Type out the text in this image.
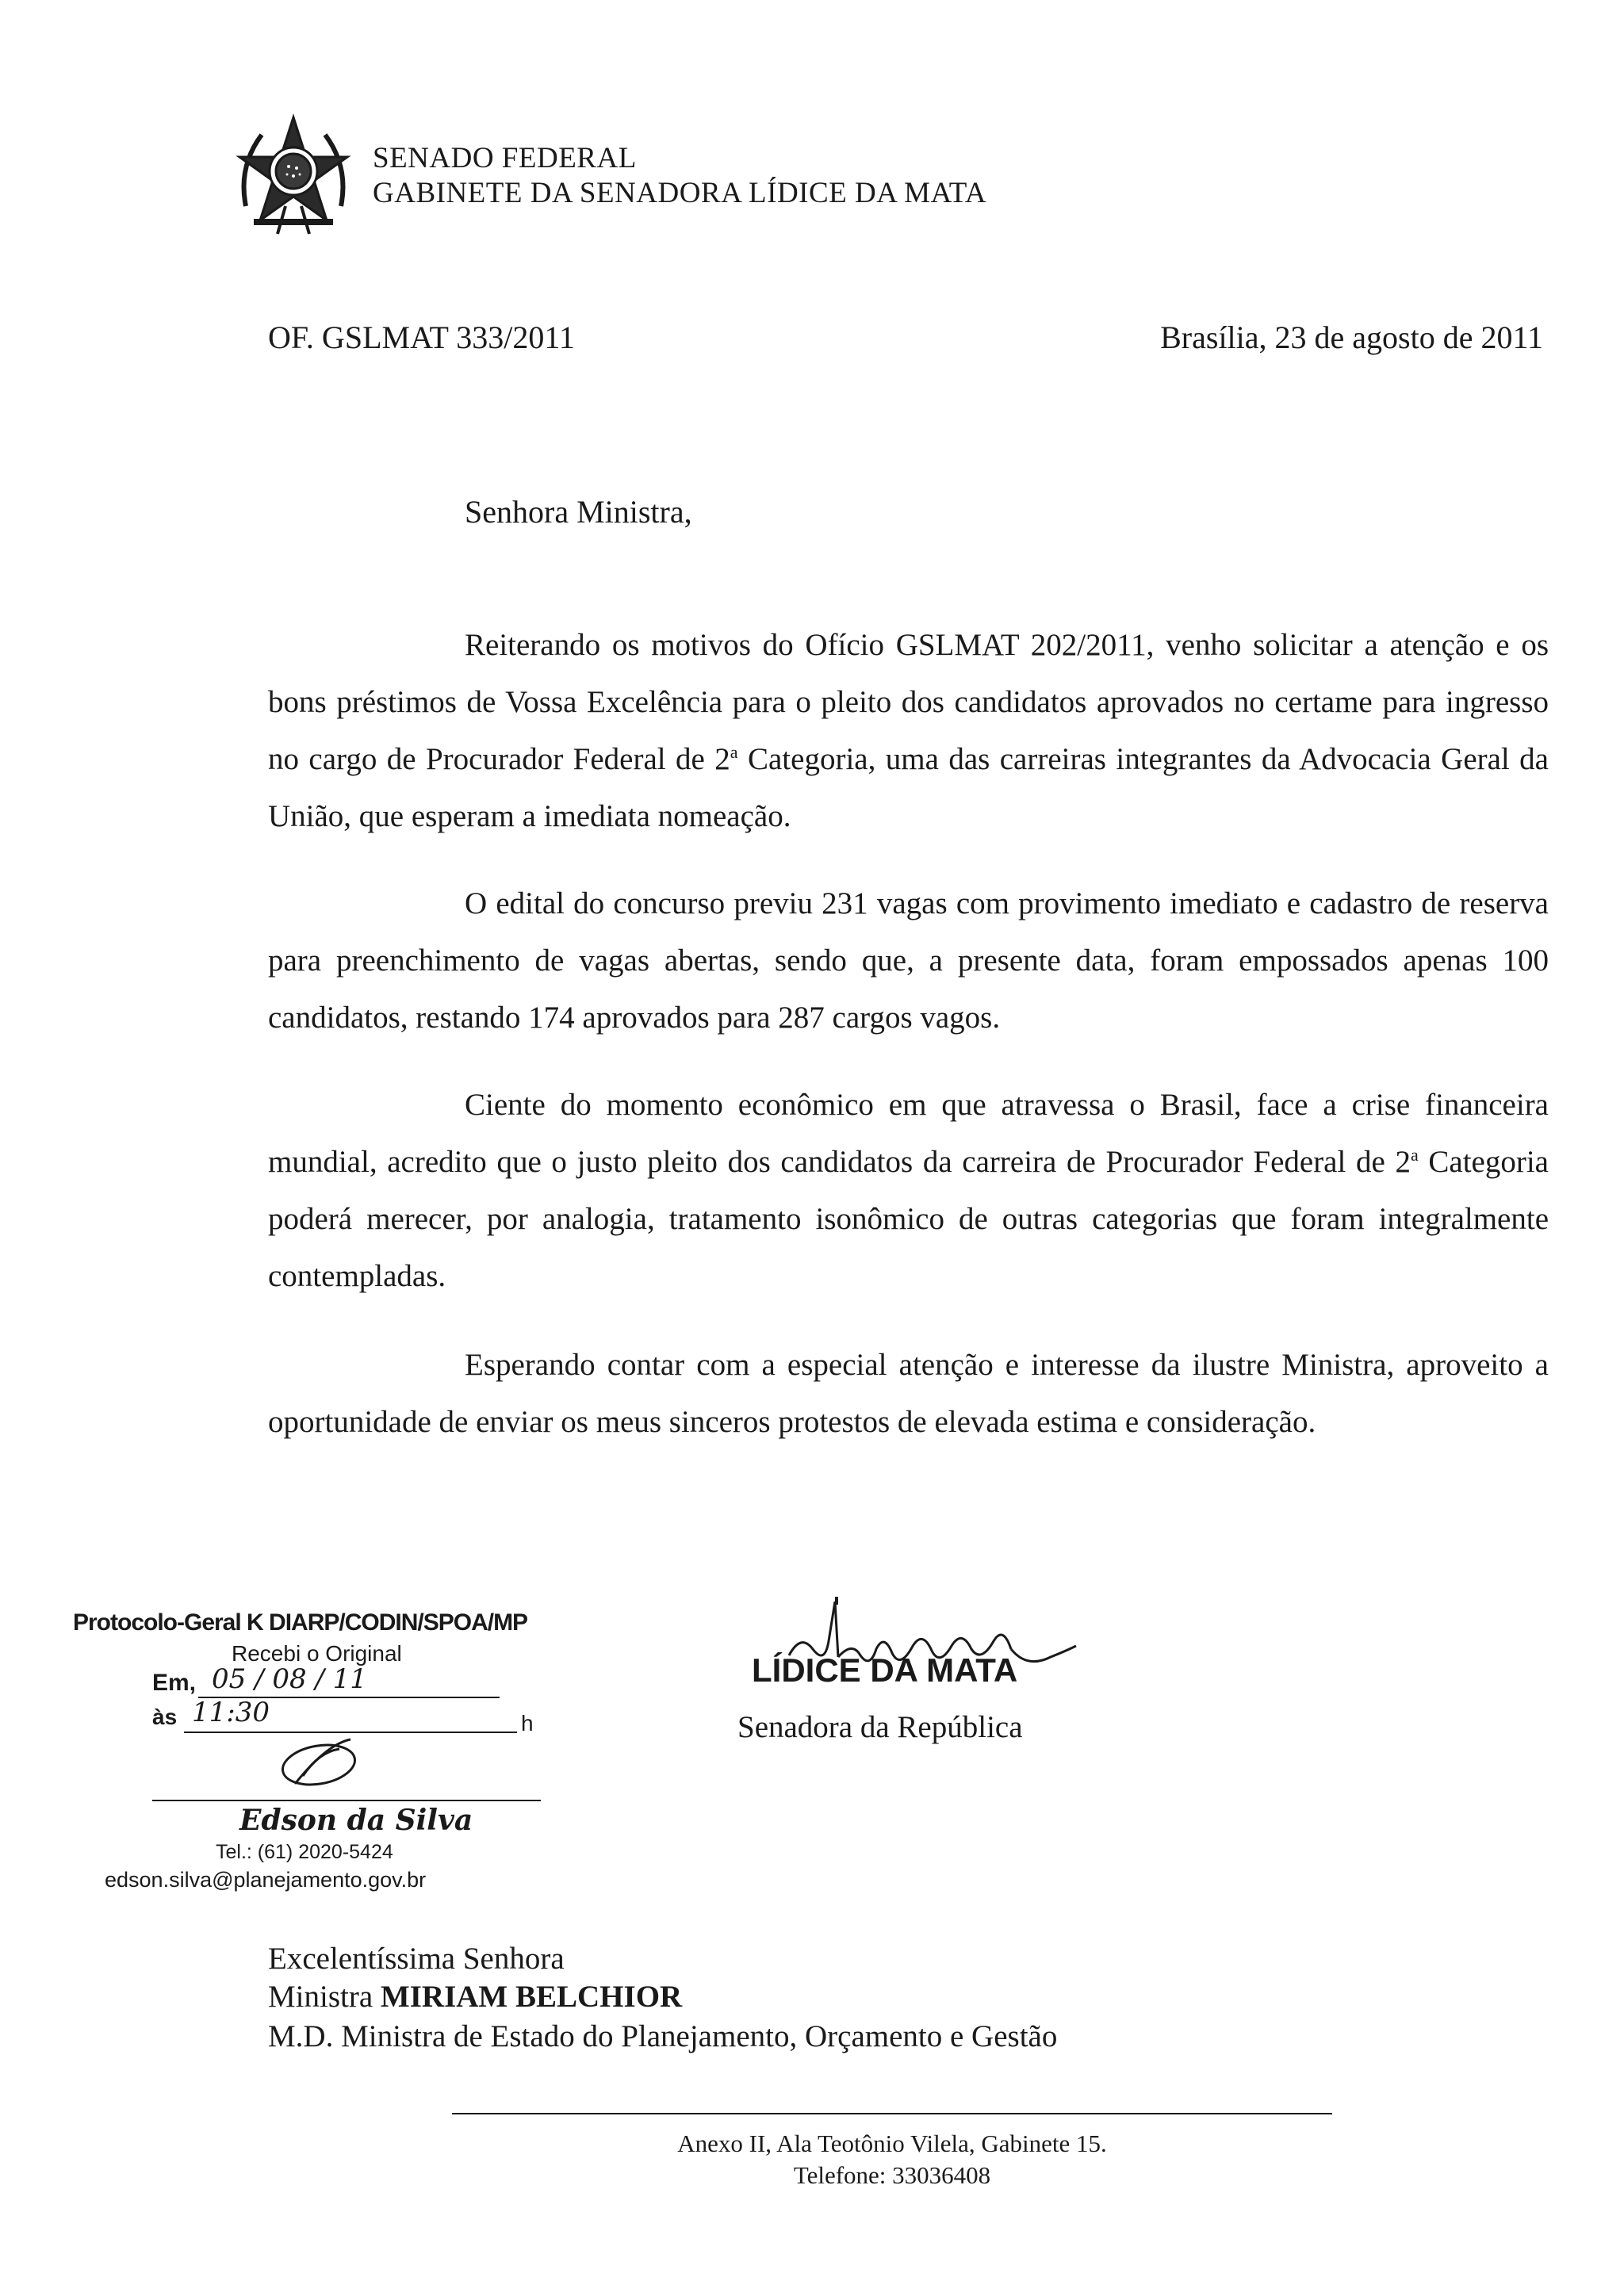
SENADO FEDERAL
GABINETE DA SENADORA LÍDICE DA MATA
OF. GSLMAT 333/2011	Brasília, 23 de agosto de 2011
Senhora Ministra,

Reiterando os motivos do Ofício GSLMAT 202/2011, venho solicitar a atenção e os bons préstimos de Vossa Excelência para o pleito dos candidatos aprovados no certame para ingresso no cargo de Procurador Federal de 2$^a$ Categoria, uma das carreiras integrantes da Advocacia Geral da União, que esperam a imediata nomeação.

O edital do concurso previu 231 vagas com provimento imediato e cadastro de reserva para preenchimento de vagas abertas, sendo que, a presente data, foram empossados apenas 100 candidatos, restando 174 aprovados para 287 cargos vagos.

Ciente do momento econômico em que atravessa o Brasil, face a crise financeira mundial, acredito que o justo pleito dos candidatos da carreira de Procurador Federal de 2$^a$ Categoria poderá merecer, por analogia, tratamento isonômico de outras categorias que foram integralmente contempladas.

Esperando contar com a especial atenção e interesse da ilustre Ministra, aproveito a oportunidade de enviar os meus sinceros protestos de elevada estima e consideração.

Protocolo-Geral K DIARP/CODIN/SPOA/MP
Recebi o Original
Em, 05 / 08 / 11
às 11:30	h
Edson da Silva
Tel.: (61) 2020-5424
edson.silva@planejamento.gov.br
LÍDICE DA MATA
Senadora da República
Excelentíssima Senhora
Ministra MIRIAM BELCHIOR
M.D. Ministra de Estado do Planejamento, Orçamento e Gestão
Anexo II, Ala Teotônio Vilela, Gabinete 15.
Telefone: 33036408
